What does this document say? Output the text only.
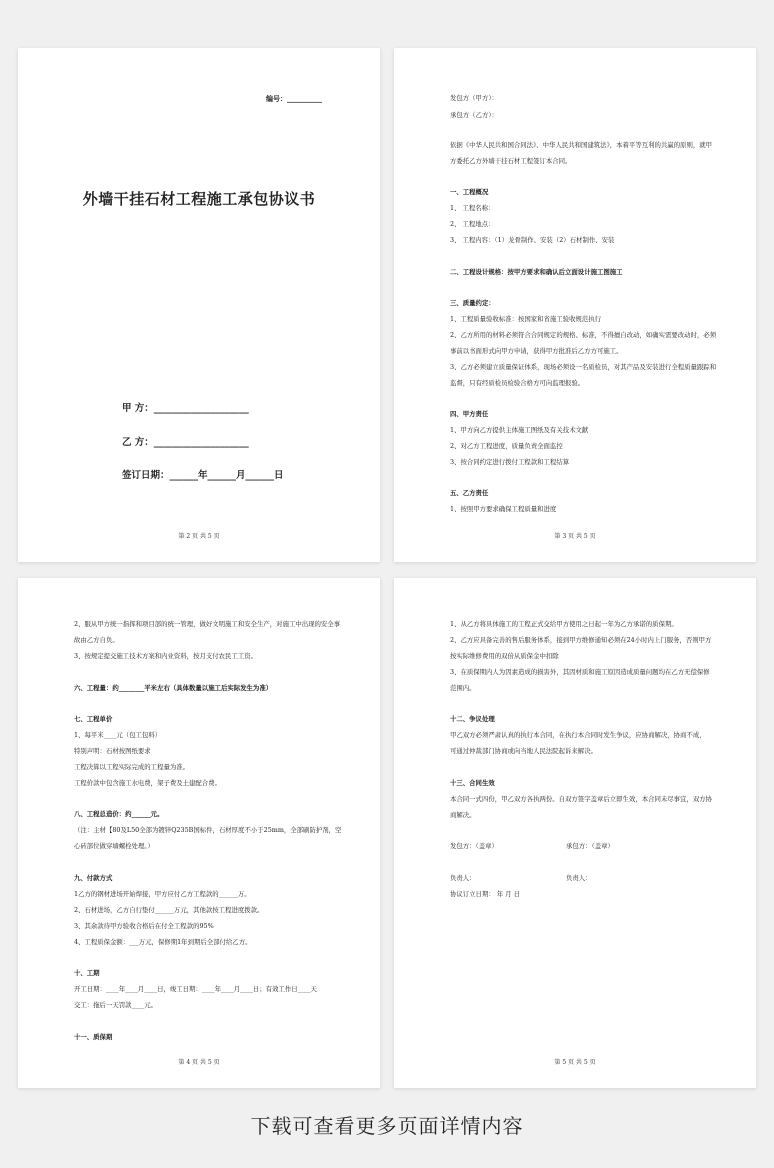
编号：__________
外墙干挂石材工程施工承包协议书
甲 方：____________________
乙 方：____________________
签订日期：______年______月______日
第 2 页 共 5 页
发包方（甲方）：
承包方（乙方）：
依据《中华人民共和国合同法》、中华人民共和国建筑法》，本着平等互利的共赢的原则，就甲
方委托乙方外墙干挂石材工程签订本合同。
一、工程概况
1、 工程名称：
2、 工程地点：
3、 工程内容：（1）龙骨制作、安装（2）石材制作、安装
二、工程设计规格：按甲方要求和确认后立面设计施工图施工
三、质量约定：
1、工程质量验收标准：按国家和省施工验收规范执行
2、乙方所用的材料必须符合合同规定的规格、标准，不得擅自改动，如确实需要改动时，必须
事前以书面形式向甲方申请，获得甲方批准后乙方方可施工。
3、乙方必须建立质量保证体系，现场必须设一名质检员，对其产品及安装进行全程质量跟踪和
监督，只有经质检员检验合格方可向监理报验。
四、甲方责任
1、甲方向乙方提供主体施工图纸及有关技术文献
2、对乙方工程进度，质量负责全面监控
3、按合同约定进行拨付工程款和工程结算
五、乙方责任
1、按照甲方要求确保工程质量和进度
第 3 页 共 5 页
2、服从甲方统一指挥和项目部的统一管理，做好文明施工和安全生产，对施工中出现的安全事
故由乙方自负。
3、按规定提交施工技术方案和内业资料，按月支付农民工工资。
六、工程量：约________平米左右（具体数量以施工后实际发生为准）
七、工程单价
1、每平米____元（包工包料）
特别声明：石材按图纸要求
工程决算以工程实际完成的工程量为准。
工程价款中包含施工水电费，架子费及土建配合费。
八、工程总造价：约______元。
（注：主材【80及L50全部为镀锌Q235B国标件，石材厚度不小于25mm，全部刷防护剂，空
心砖部位做穿墙螺栓处理。）
九、付款方式
1乙方的钢材进场开始焊接，甲方应付乙方工程款的______万。
2、石材进场，乙方自行垫付______万元，其他款按工程进度拨款。
3、其余款待甲方验收合格后在付全工程款的95%
4、工程质保金额：___万元，保修期1年到期后全部付给乙方。
十、工期
开工日期：____年____月____日，竣工日期：____年____月____日；有效工作日____天
交工：拖后一天罚款____元。
十一、质保期
第 4 页 共 5 页
1、从乙方将具体施工的工程正式交给甲方使用之日起一年为乙方承诺的质保期。
2、乙方应具备完善的售后服务体系，接到甲方维修通知必须在24小时内上门服务，否则甲方
按实际维修费用的双倍从质保金中扣除
3、在质保期内人为因素造成的损害外，其因材质和施工原因造成质量问题均在乙方无偿保修
范围内。
十二、争议处理
甲乙双方必须严肃认真的执行本合同，在执行本合同时发生争议，应协商解决，协商不成，
可通过仲裁部门协商或向当地人民法院起诉来解决。
十三、合同生效
本合同一式四份，甲乙双方各执两份。自双方签字盖章后立即生效，本合同未尽事宜，双方协
商解决。
发包方：（盖章）	承包方：（盖章）
负责人：	负责人：
协议订立日期： 年 月 日
第 5 页 共 5 页
下载可查看更多页面详情内容
